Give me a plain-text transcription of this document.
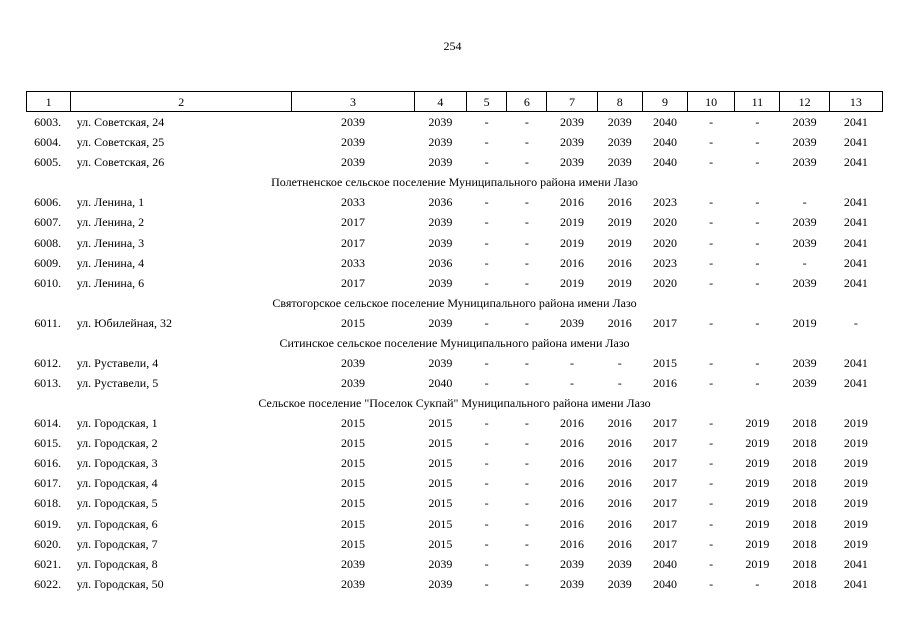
254
1	2	3	4	5	6	7	8	9	10	11	12	13
6003.	ул. Советская, 24	2039	2039	-	-	2039	2039	2040	-	-	2039	2041
6004.	ул. Советская, 25	2039	2039	-	-	2039	2039	2040	-	-	2039	2041
6005.	ул. Советская, 26	2039	2039	-	-	2039	2039	2040	-	-	2039	2041
Полетненское сельское поселение Муниципального района имени Лазо												
6006.	ул. Ленина, 1	2033	2036	-	-	2016	2016	2023	-	-	-	2041
6007.	ул. Ленина, 2	2017	2039	-	-	2019	2019	2020	-	-	2039	2041
6008.	ул. Ленина, 3	2017	2039	-	-	2019	2019	2020	-	-	2039	2041
6009.	ул. Ленина, 4	2033	2036	-	-	2016	2016	2023	-	-	-	2041
6010.	ул. Ленина, 6	2017	2039	-	-	2019	2019	2020	-	-	2039	2041
Святогорское сельское поселение Муниципального района имени Лазо												
6011.	ул. Юбилейная, 32	2015	2039	-	-	2039	2016	2017	-	-	2019	-
Ситинское сельское поселение Муниципального района имени Лазо												
6012.	ул. Руставели, 4	2039	2039	-	-	-	-	2015	-	-	2039	2041
6013.	ул. Руставели, 5	2039	2040	-	-	-	-	2016	-	-	2039	2041
Сельское поселение "Поселок Сукпай" Муниципального района имени Лазо												
6014.	ул. Городская, 1	2015	2015	-	-	2016	2016	2017	-	2019	2018	2019
6015.	ул. Городская, 2	2015	2015	-	-	2016	2016	2017	-	2019	2018	2019
6016.	ул. Городская, 3	2015	2015	-	-	2016	2016	2017	-	2019	2018	2019
6017.	ул. Городская, 4	2015	2015	-	-	2016	2016	2017	-	2019	2018	2019
6018.	ул. Городская, 5	2015	2015	-	-	2016	2016	2017	-	2019	2018	2019
6019.	ул. Городская, 6	2015	2015	-	-	2016	2016	2017	-	2019	2018	2019
6020.	ул. Городская, 7	2015	2015	-	-	2016	2016	2017	-	2019	2018	2019
6021.	ул. Городская, 8	2039	2039	-	-	2039	2039	2040	-	2019	2018	2041
6022.	ул. Городская, 50	2039	2039	-	-	2039	2039	2040	-	-	2018	2041
